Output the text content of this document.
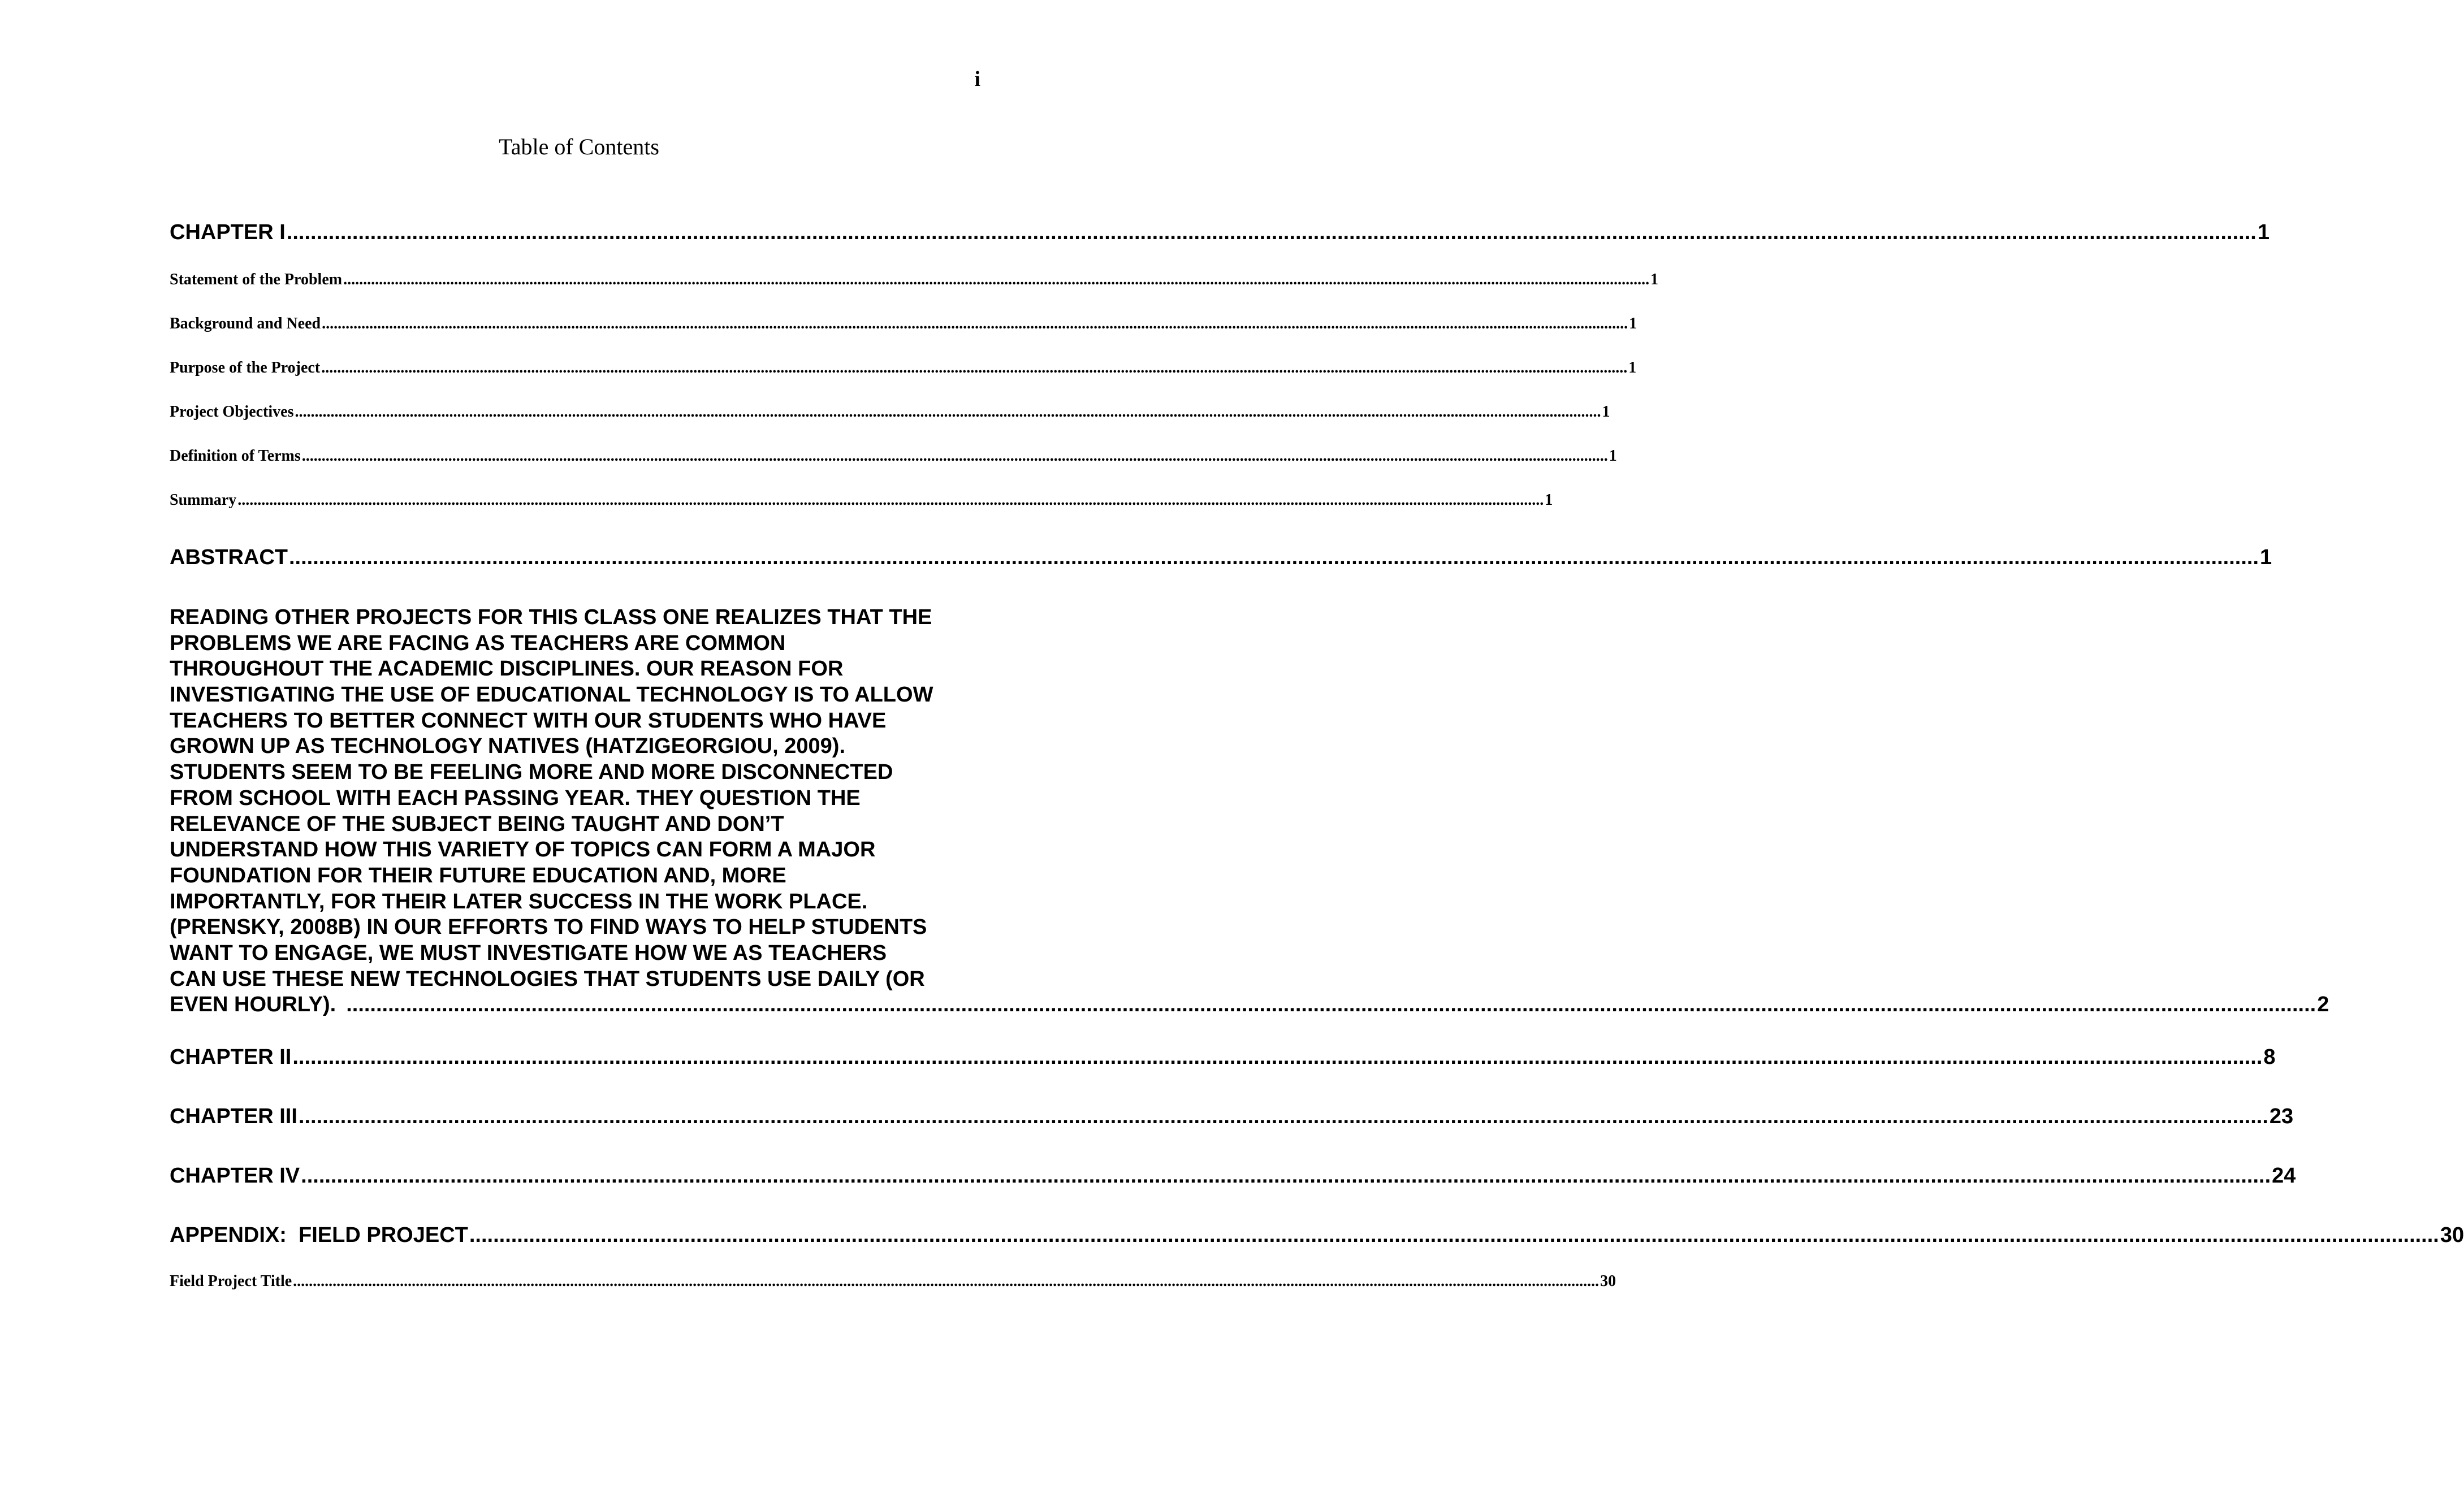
i
Table of Contents
CHAPTER I .......................................................................................................................................................................................................................................................................................................................................... 1
Statement of the Problem .......................................................................................................................................................................................................................................................................................................................................... 1
Background and Need .......................................................................................................................................................................................................................................................................................................................................... 1
Purpose of the Project .......................................................................................................................................................................................................................................................................................................................................... 1
Project Objectives .......................................................................................................................................................................................................................................................................................................................................... 1
Definition of Terms .......................................................................................................................................................................................................................................................................................................................................... 1
Summary .......................................................................................................................................................................................................................................................................................................................................... 1
ABSTRACT .......................................................................................................................................................................................................................................................................................................................................... 1
READING OTHER PROJECTS FOR THIS CLASS ONE REALIZES THAT THE
PROBLEMS WE ARE FACING AS TEACHERS ARE COMMON
THROUGHOUT THE ACADEMIC DISCIPLINES. OUR REASON FOR
INVESTIGATING THE USE OF EDUCATIONAL TECHNOLOGY IS TO ALLOW
TEACHERS TO BETTER CONNECT WITH OUR STUDENTS WHO HAVE
GROWN UP AS TECHNOLOGY NATIVES (HATZIGEORGIOU, 2009).
STUDENTS SEEM TO BE FEELING MORE AND MORE DISCONNECTED
FROM SCHOOL WITH EACH PASSING YEAR. THEY QUESTION THE
RELEVANCE OF THE SUBJECT BEING TAUGHT AND DON’T
UNDERSTAND HOW THIS VARIETY OF TOPICS CAN FORM A MAJOR
FOUNDATION FOR THEIR FUTURE EDUCATION AND, MORE
IMPORTANTLY, FOR THEIR LATER SUCCESS IN THE WORK PLACE.
(PRENSKY, 2008B) IN OUR EFFORTS TO FIND WAYS TO HELP STUDENTS
WANT TO ENGAGE, WE MUST INVESTIGATE HOW WE AS TEACHERS
CAN USE THESE NEW TECHNOLOGIES THAT STUDENTS USE DAILY (OR
EVEN HOURLY). .......................................................................................................................................................................................................................................................................................................................................... 2
CHAPTER II .......................................................................................................................................................................................................................................................................................................................................... 8
CHAPTER III .......................................................................................................................................................................................................................................................................................................................................... 23
CHAPTER IV .......................................................................................................................................................................................................................................................................................................................................... 24
APPENDIX:  FIELD PROJECT .......................................................................................................................................................................................................................................................................................................................................... 30
Field Project Title .......................................................................................................................................................................................................................................................................................................................................... 30
